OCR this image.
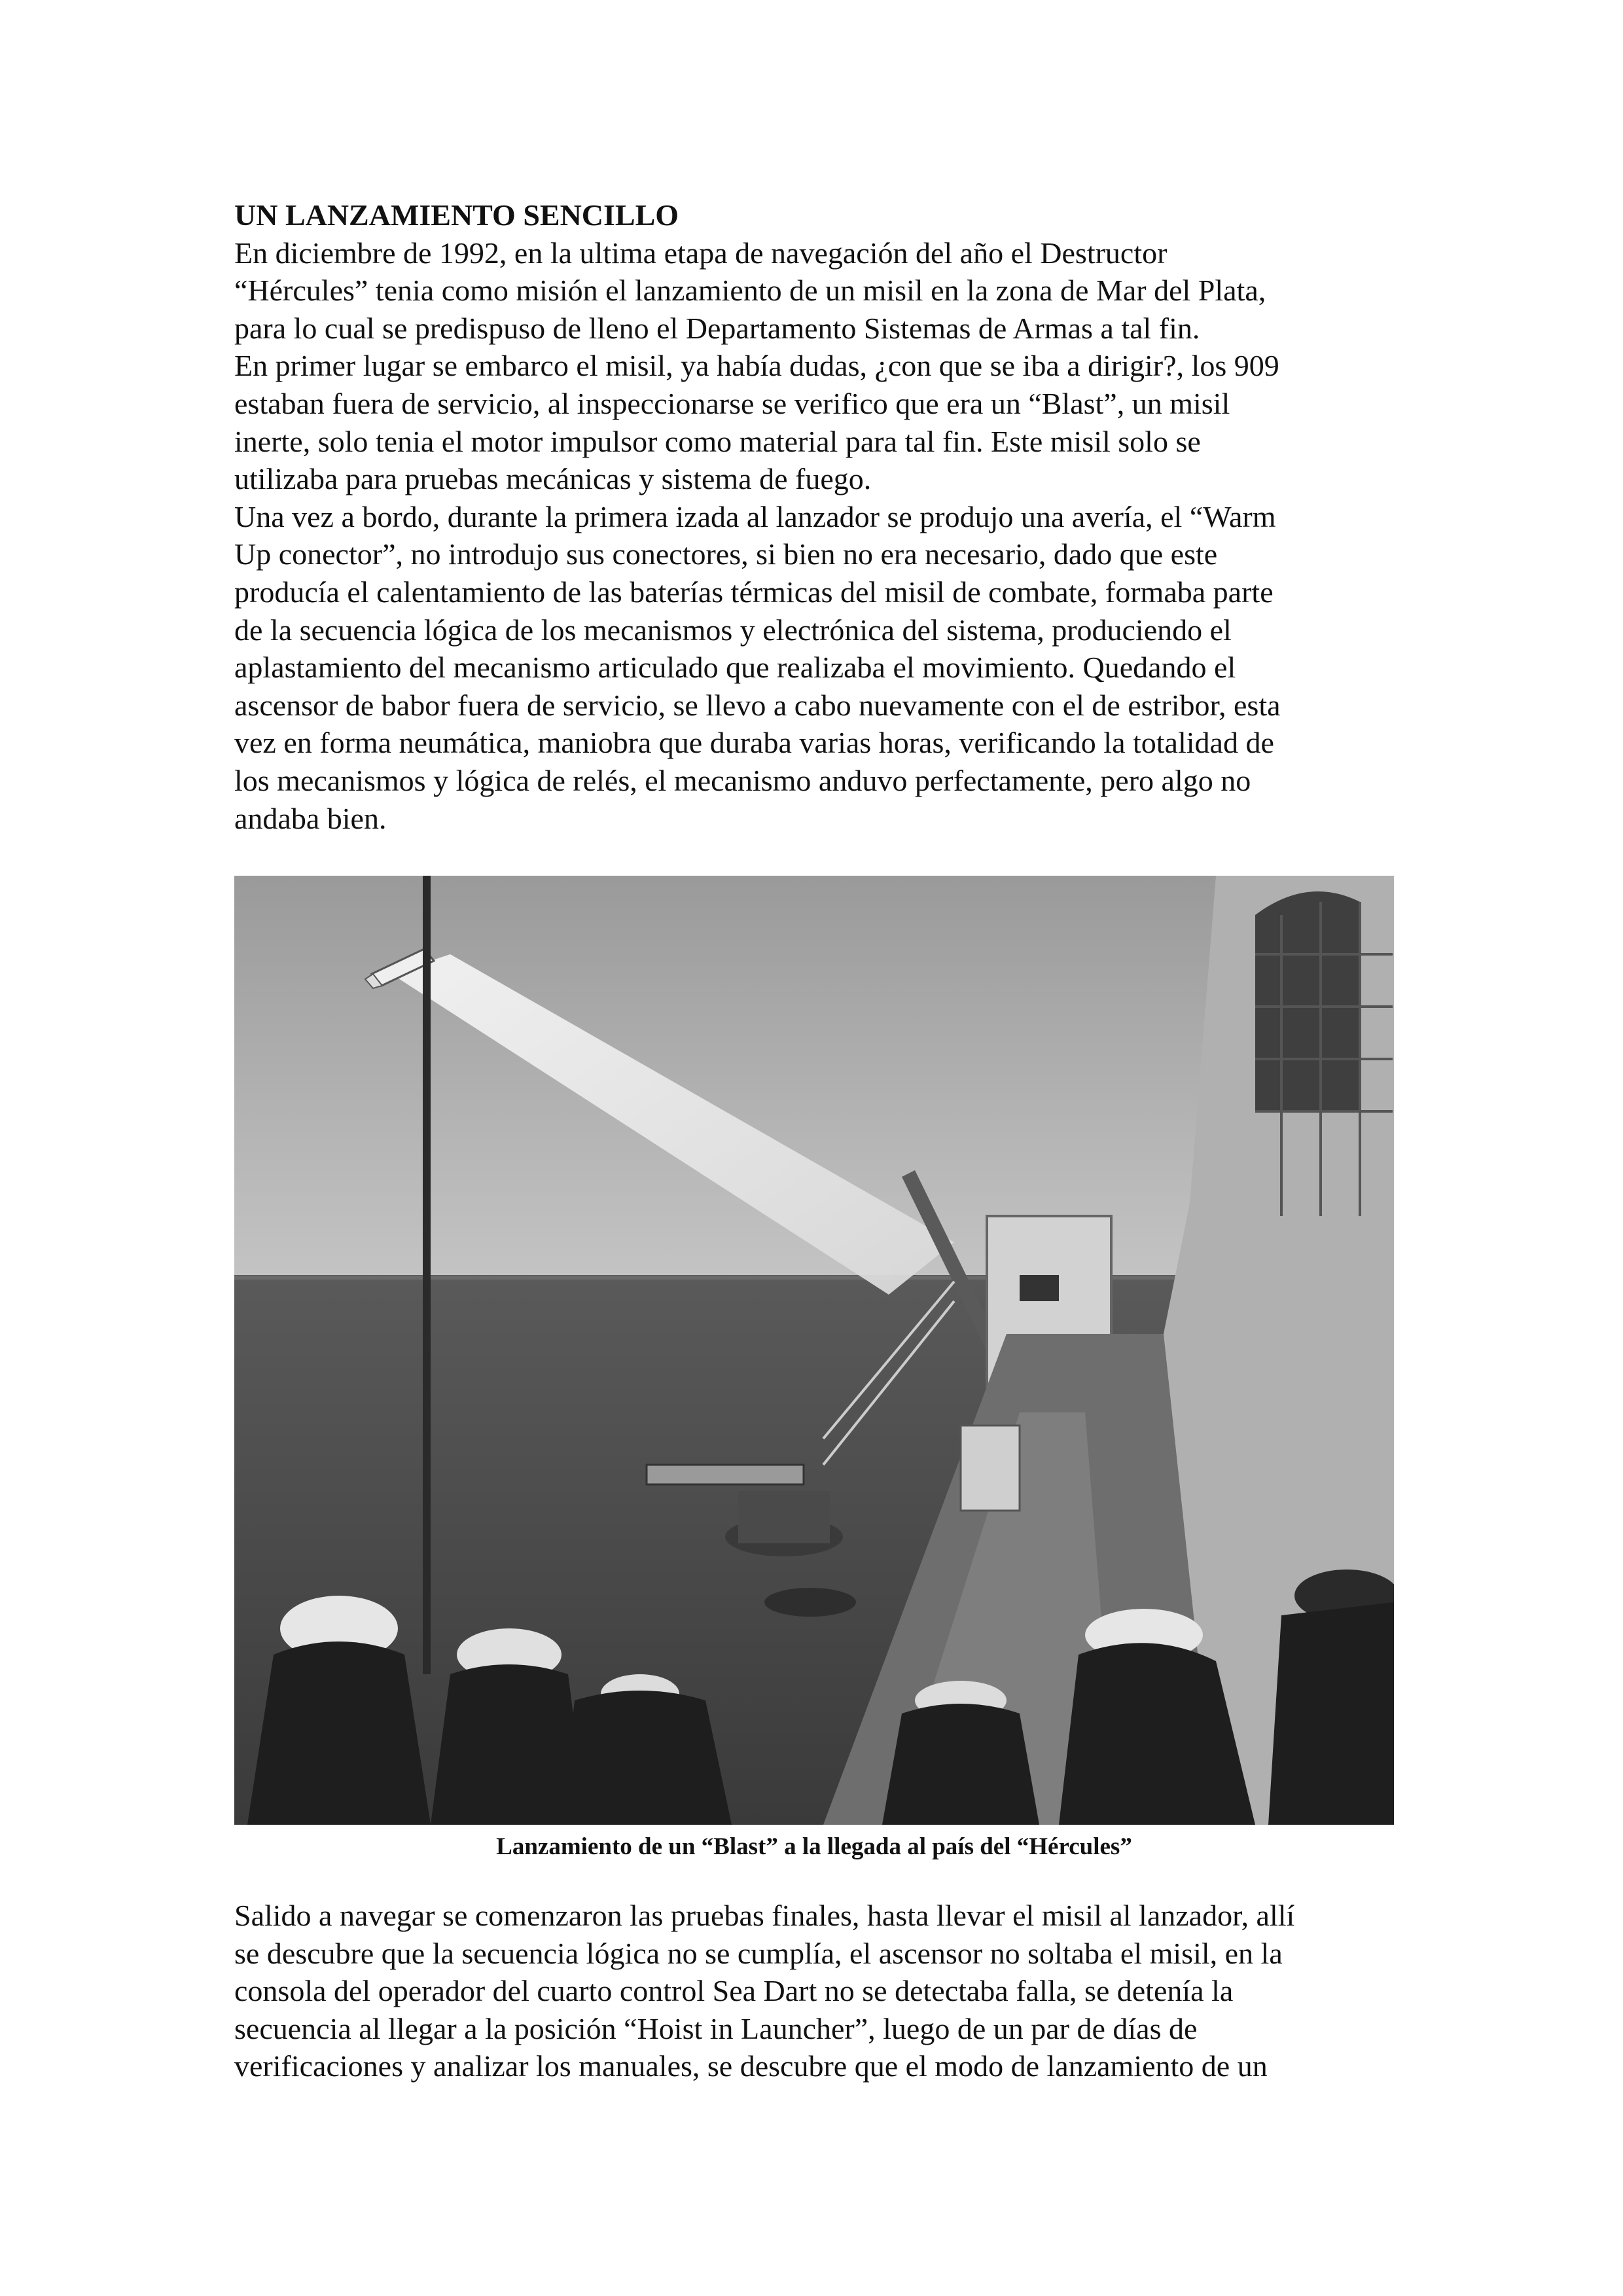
UN LANZAMIENTO SENCILLO

En diciembre de 1992, en la ultima etapa de navegación del año el Destructor

“Hércules” tenia como misión el lanzamiento de un misil en la zona de Mar del Plata,

para lo cual se predispuso de lleno el Departamento Sistemas de Armas a tal fin.

En primer lugar se embarco el misil, ya había dudas, ¿con que se iba a dirigir?, los 909

estaban fuera de servicio, al inspeccionarse se verifico que era un “Blast”, un misil

inerte, solo tenia el motor impulsor como material para tal fin. Este misil solo se

utilizaba para pruebas mecánicas y sistema de fuego.

Una vez a bordo, durante la primera izada al lanzador se produjo una avería, el “Warm

Up conector”, no introdujo sus conectores, si bien no era necesario, dado que este

producía el calentamiento de las baterías térmicas del misil de combate, formaba parte

de la secuencia lógica de los mecanismos y electrónica del sistema, produciendo el

aplastamiento del mecanismo articulado que realizaba el movimiento. Quedando el

ascensor de babor fuera de servicio, se llevo a cabo nuevamente con el de estribor, esta

vez en forma neumática, maniobra que duraba varias horas, verificando la totalidad de

los mecanismos y lógica de relés, el mecanismo anduvo perfectamente, pero algo no

andaba bien.

Lanzamiento de un “Blast” a la llegada al país del “Hércules”

Salido a navegar se comenzaron las pruebas finales, hasta llevar el misil al lanzador, allí

se descubre que la secuencia lógica no se cumplía, el ascensor no soltaba el misil, en la

consola del operador del cuarto control Sea Dart no se detectaba falla, se detenía la

secuencia al llegar a la posición “Hoist in Launcher”, luego de un par de días de

verificaciones y analizar los manuales, se descubre que el modo de lanzamiento de un
